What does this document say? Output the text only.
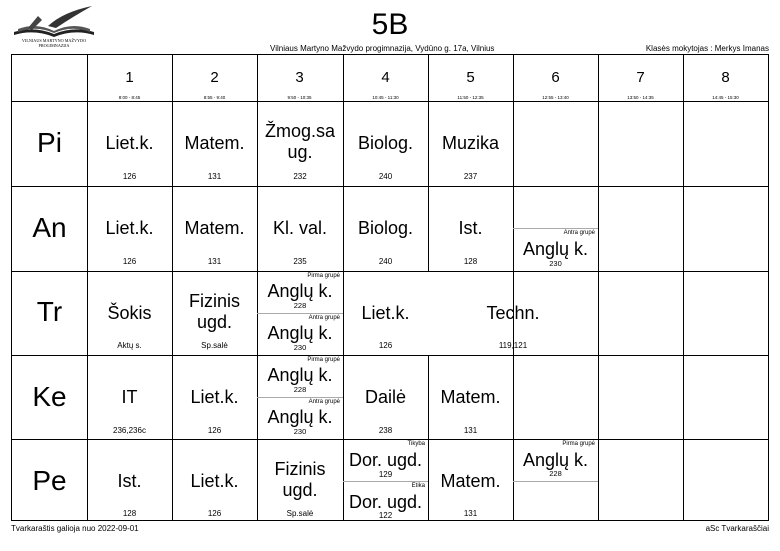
VILNIAUS MARTYNO MAŽVYDO
PROGIMNAZIJA
5B
Vilniaus Martyno Mažvydo progimnazija, Vydūno g. 17a, Vilnius	Klasės mokytojas : Merkys Imanas
1
8:00 - 8:45
2
8:55 - 9:40
3
9:50 - 10:35
4
10:45 - 11:30
5
11:50 - 12:35
6
12:55 - 13:40
7
13:50 - 14:35
8
14:45 - 15:30
Pi
An
Tr
Ke
Pe
Liet.k.
126
Matem.
131
Žmog.sa
ug.
232
Biolog.
240
Muzika
237
Liet.k.
126
Matem.
131
Kl. val.
235
Biolog.
240
Ist.
128
Antra grupė
Anglų k.
230
Šokis
Aktų s.
Fizinis
ugd.
Sp.salė
Pirma grupė
Anglų k.
228
Antra grupė
Anglų k.
230
Liet.k.
126
Techn.
119,121
IT
236,236c
Liet.k.
126
Pirma grupė
Anglų k.
228
Antra grupė
Anglų k.
230
Dailė
238
Matem.
131
Ist.
128
Liet.k.
126
Fizinis
ugd.
Sp.salė
Tikyba
Dor. ugd.
129
Etika
Dor. ugd.
122
Matem.
131
Pirma grupė
Anglų k.
228
Tvarkaraštis galioja nuo 2022-09-01	aSc Tvarkaraščiai
